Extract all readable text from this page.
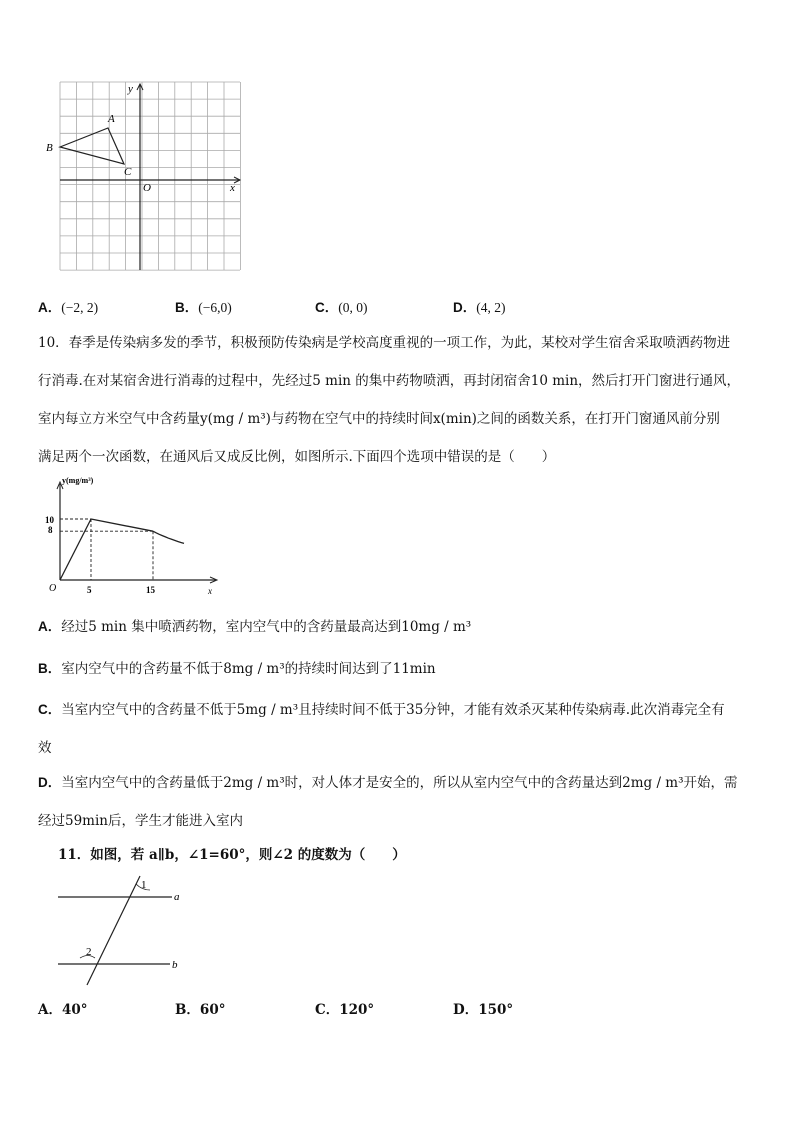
A
B
C
O	x
y
A．(−2, 2)	B．(−6,0)	C．(0, 0)	D．(4, 2)
10．春季是传染病多发的季节，积极预防传染病是学校高度重视的一项工作，为此，某校对学生宿舍采取喷洒药物进
行消毒.在对某宿舍进行消毒的过程中，先经过5 min 的集中药物喷洒，再封闭宿舍10 min，然后打开门窗进行通风，
室内每立方米空气中含药量y(mg / m³)与药物在空气中的持续时间x(min)之间的函数关系，在打开门窗通风前分别
满足两个一次函数，在通风后又成反比例，如图所示.下面四个选项中错误的是（　　）
y(mg/m³)
x
O
10
8
5	15
A．经过5 min 集中喷洒药物，室内空气中的含药量最高达到10mg / m³
B．室内空气中的含药量不低于8mg / m³的持续时间达到了11min
C．当室内空气中的含药量不低于5mg / m³且持续时间不低于35分钟，才能有效杀灭某种传染病毒.此次消毒完全有
效
D．当室内空气中的含药量低于2mg / m³时，对人体才是安全的，所以从室内空气中的含药量达到2mg / m³开始，需
经过59min后，学生才能进入室内
11．如图，若 a∥b，∠1=60°，则∠2 的度数为（　　）
1
2
a
b
A．40°	B．60°	C．120°	D．150°
